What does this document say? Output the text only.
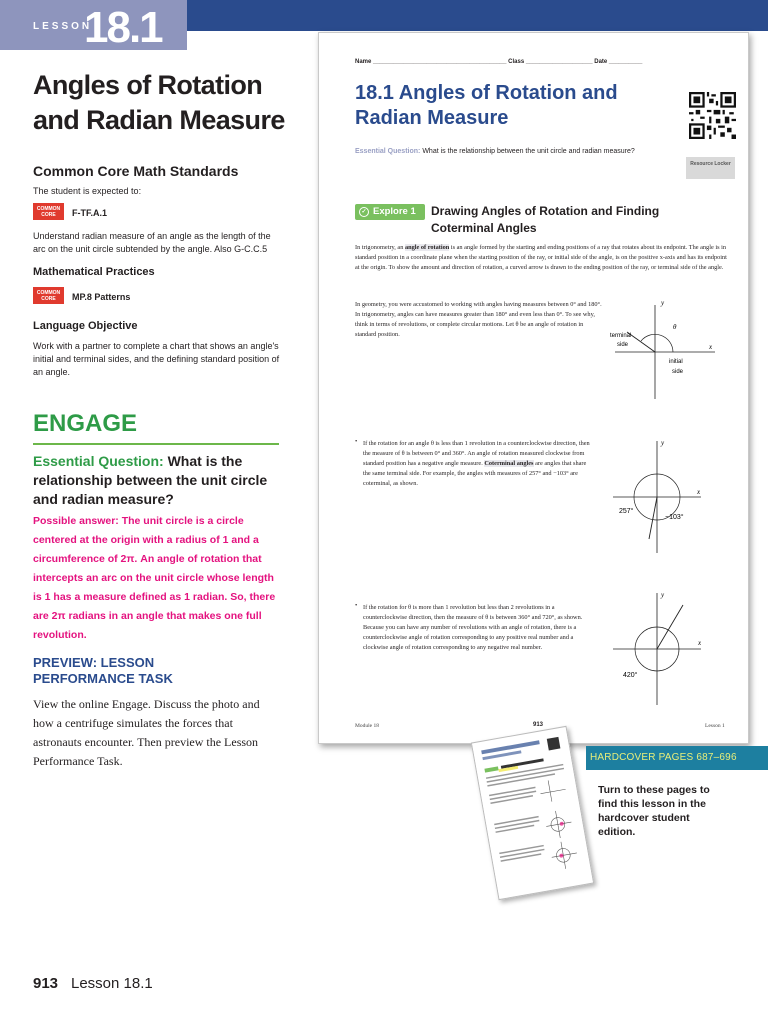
LESSON
18.1
Angles of Rotation and Radian Measure
Common Core Math Standards
The student is expected to:
COMMON CORE	F-TF.A.1
Understand radian measure of an angle as the length of the arc on the unit circle subtended by the angle. Also G-C.C.5
Mathematical Practices
COMMON CORE	MP.8 Patterns
Language Objective
Work with a partner to complete a chart that shows an angle's initial and terminal sides, and the defining standard position of an angle.
ENGAGE
Essential Question: What is the relationship between the unit circle and radian measure?
Possible answer: The unit circle is a circle centered at the origin with a radius of 1 and a circumference of 2π. An angle of rotation that intercepts an arc on the unit circle whose length is 1 has a measure defined as 1 radian. So, there are 2π radians in an angle that makes one full revolution.
PREVIEW: LESSON PERFORMANCE TASK
View the online Engage. Discuss the photo and how a centrifuge simulates the forces that astronauts encounter. Then preview the Lesson Performance Task.
913 Lesson 18.1
Name ________________________________________ Class ____________________ Date __________
18.1 Angles of Rotation and Radian Measure
Resource Locker
Essential Question: What is the relationship between the unit circle and radian measure?
Explore 1
✓	Drawing Angles of Rotation and Finding Coterminal Angles
In trigonometry, an angle of rotation is an angle formed by the starting and ending positions of a ray that rotates about its endpoint. The angle is in standard position in a coordinate plane when the starting position of the ray, or initial side of the angle, is on the positive x-axis and has its endpoint at the origin. To show the amount and direction of rotation, a curved arrow is drawn to the ending position of the ray, or terminal side of the angle.
In geometry, you were accustomed to working with angles having measures between 0° and 180°. In trigonometry, angles can have measures greater than 180° and even less than 0°. To see why, think in terms of revolutions, or complete circular motions. Let θ be an angle of rotation in standard position.
y
x
θ
terminal
side
initial
side
• If the rotation for an angle θ is less than 1 revolution in a counterclockwise direction, then the measure of θ is between 0° and 360°. An angle of rotation measured clockwise from standard position has a negative angle measure. Coterminal angles are angles that share the same terminal side. For example, the angles with measures of 257° and −103° are coterminal, as shown.
y
x
257°
−103°
• If the rotation for θ is more than 1 revolution but less than 2 revolutions in a counterclockwise direction, then the measure of θ is between 360° and 720°, as shown. Because you can have any number of revolutions with an angle of rotation, there is a counterclockwise angle of rotation corresponding to any positive real number and a clockwise angle of rotation corresponding to any negative real number.
y
x
420°
Module 18	913	Lesson 1
HARDCOVER PAGES 687–696
Turn to these pages to find this lesson in the hardcover student edition.
